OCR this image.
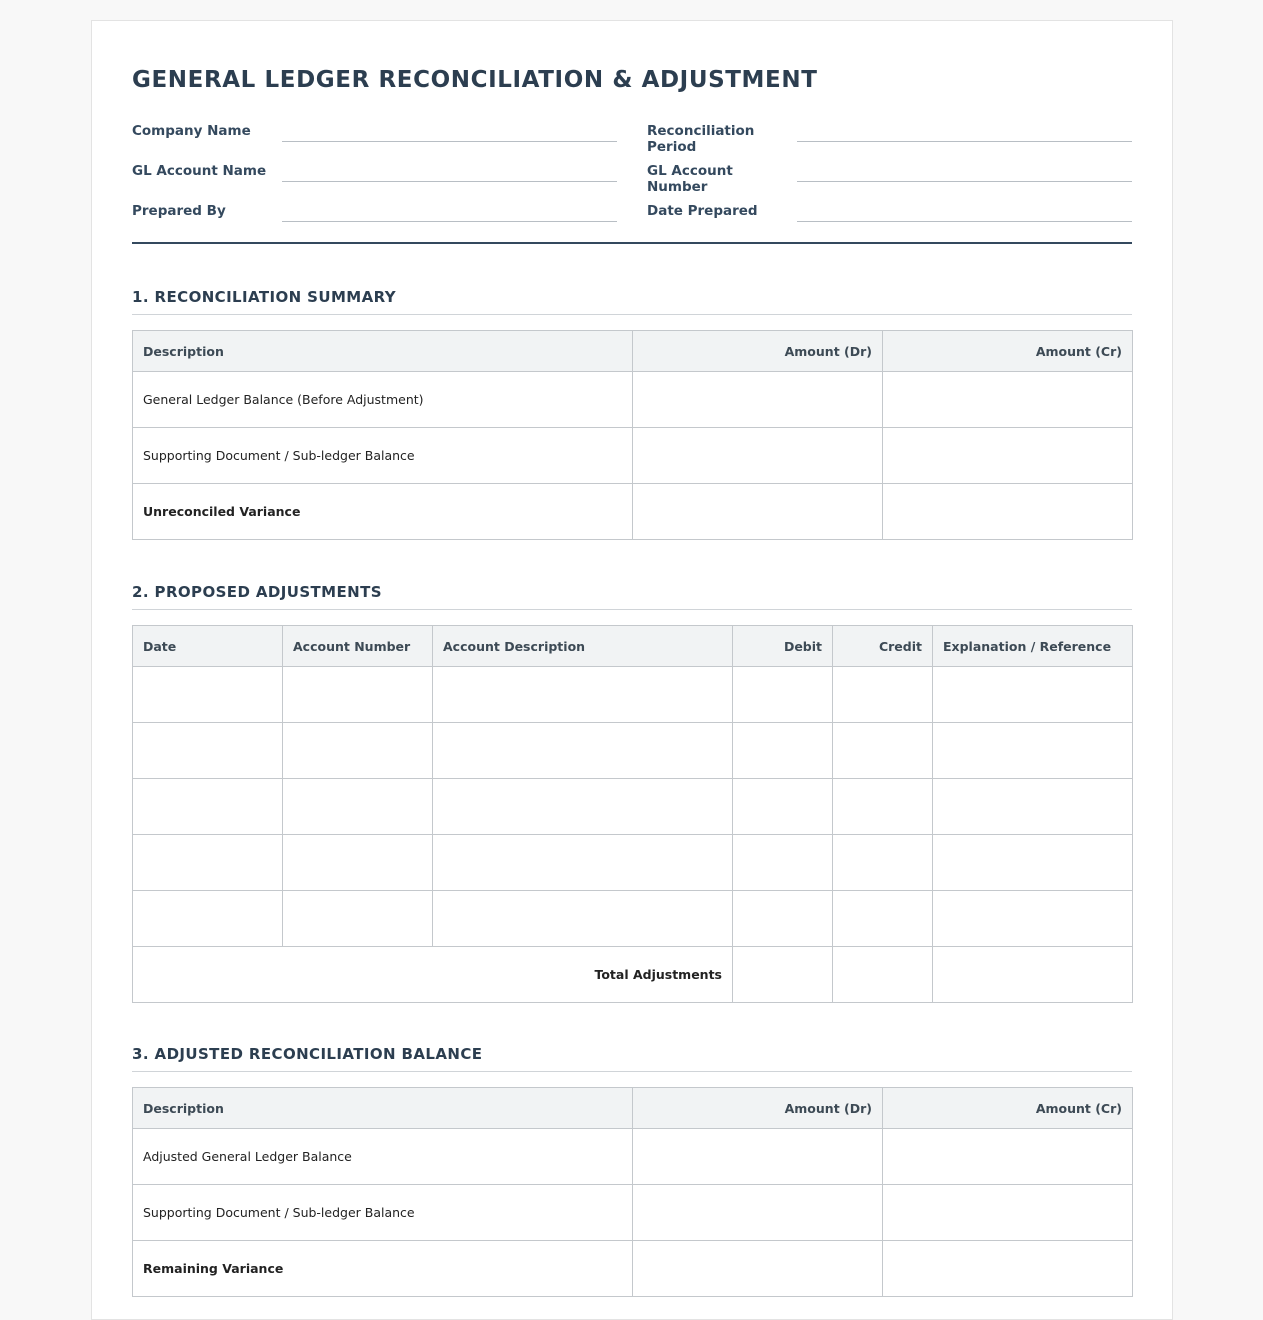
GENERAL LEDGER RECONCILIATION & ADJUSTMENT
Company Name	Reconciliation Period
GL Account Name	GL Account Number
Prepared By	Date Prepared
1. RECONCILIATION SUMMARY
Description	Amount (Dr)	Amount (Cr)
General Ledger Balance (Before Adjustment)		
Supporting Document / Sub-ledger Balance		
Unreconciled Variance		
2. PROPOSED ADJUSTMENTS
Date	Account Number	Account Description	Debit	Credit	Explanation / Reference

Total Adjustments					
3. ADJUSTED RECONCILIATION BALANCE
Description	Amount (Dr)	Amount (Cr)
Adjusted General Ledger Balance		
Supporting Document / Sub-ledger Balance		
Remaining Variance		
